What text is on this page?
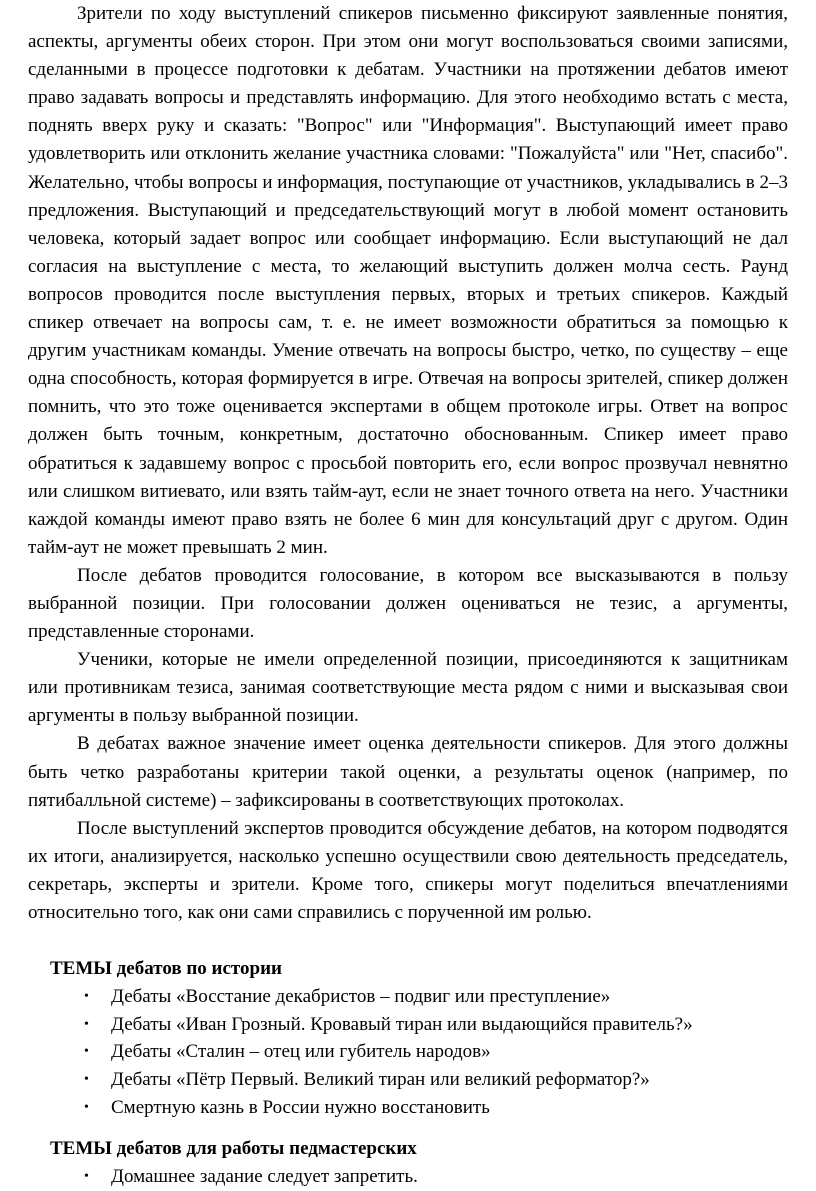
Зрители по ходу выступлений спикеров письменно фиксируют заявленные понятия, аспекты, аргументы обеих сторон. При этом они могут воспользоваться своими записями, сделанными в процессе подготовки к дебатам. Участники на протяжении дебатов имеют право задавать вопросы и представлять информацию. Для этого необходимо встать с места, поднять вверх руку и сказать: "Вопрос" или "Информация". Выступающий имеет право удовлетворить или отклонить желание участника словами: "Пожалуйста" или "Нет, спасибо". Желательно, чтобы вопросы и информация, поступающие от участников, укладывались в 2–3 предложения. Выступающий и председательствующий могут в любой момент остановить человека, который задает вопрос или сообщает информацию. Если выступающий не дал согласия на выступление с места, то желающий выступить должен молча сесть. Раунд вопросов проводится после выступления первых, вторых и третьих спикеров. Каждый спикер отвечает на вопросы сам, т. е. не имеет возможности обратиться за помощью к другим участникам команды. Умение отвечать на вопросы быстро, четко, по существу – еще одна способность, которая формируется в игре. Отвечая на вопросы зрителей, спикер должен помнить, что это тоже оценивается экспертами в общем протоколе игры. Ответ на вопрос должен быть точным, конкретным, достаточно обоснованным. Спикер имеет право обратиться к задавшему вопрос с просьбой повторить его, если вопрос прозвучал невнятно или слишком витиевато, или взять тайм-аут, если не знает точного ответа на него. Участники каждой команды имеют право взять не более 6 мин для консультаций друг с другом. Один тайм-аут не может превышать 2 мин.

После дебатов проводится голосование, в котором все высказываются в пользу выбранной позиции. При голосовании должен оцениваться не тезис, а аргументы, представленные сторонами.

Ученики, которые не имели определенной позиции, присоединяются к защитникам или противникам тезиса, занимая соответствующие места рядом с ними и высказывая свои аргументы в пользу выбранной позиции.

В дебатах важное значение имеет оценка деятельности спикеров. Для этого должны быть четко разработаны критерии такой оценки, а результаты оценок (например, по пятибалльной системе) – зафиксированы в соответствующих протоколах.

После выступлений экспертов проводится обсуждение дебатов, на котором подводятся их итоги, анализируется, насколько успешно осуществили свою деятельность председатель, секретарь, эксперты и зрители. Кроме того, спикеры могут поделиться впечатлениями относительно того, как они сами справились с порученной им ролью.

ТЕМЫ дебатов по истории
• Дебаты «Восстание декабристов – подвиг или преступление»
• Дебаты «Иван Грозный. Кровавый тиран или выдающийся правитель?»
• Дебаты «Сталин – отец или губитель народов»
• Дебаты «Пётр Первый. Великий тиран или великий реформатор?»
• Смертную казнь в России нужно восстановить
ТЕМЫ дебатов для работы педмастерских
• Домашнее задание следует запретить.
